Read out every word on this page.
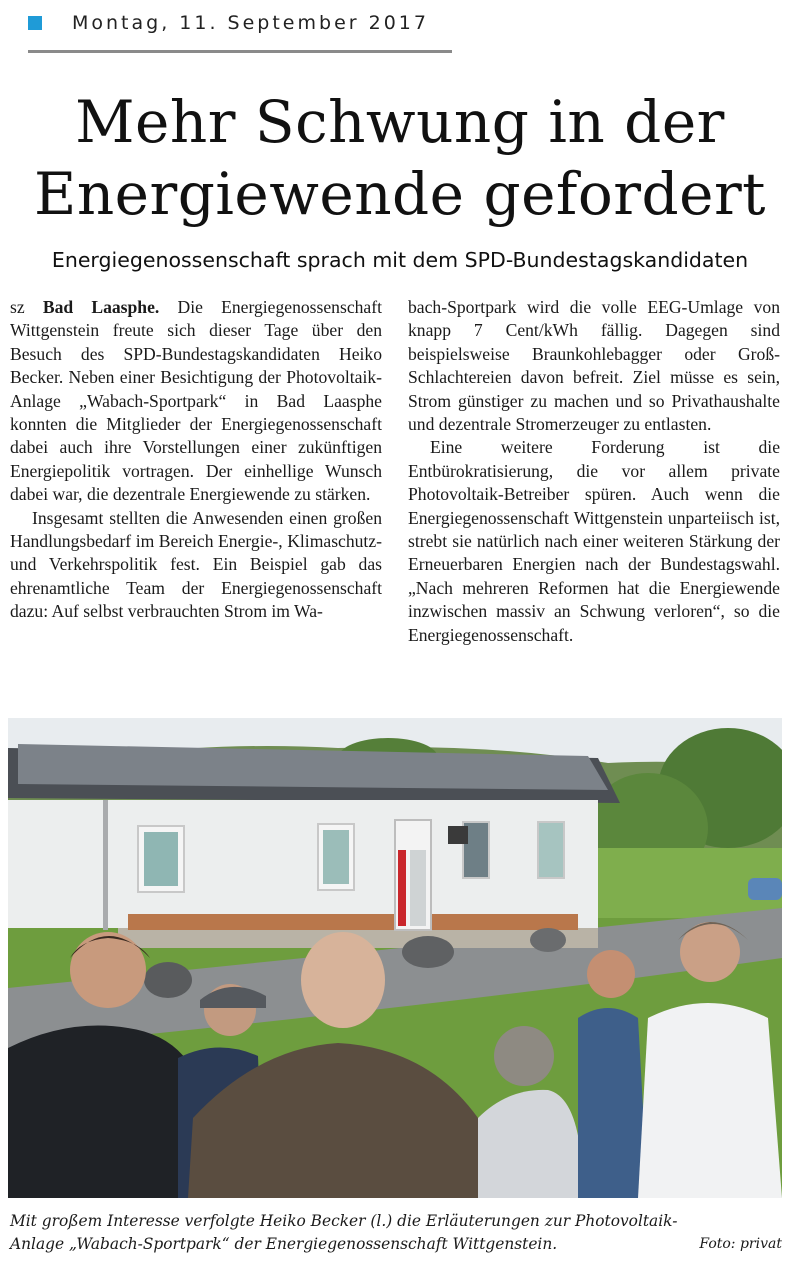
Montag, 11. September 2017
Mehr Schwung in der
Energiewende gefordert
Energiegenossenschaft sprach mit dem SPD-Bundestagskandidaten

sz Bad Laasphe. Die Energiegenossenschaft Wittgenstein freute sich dieser Tage über den Besuch des SPD-Bundestagskandidaten Heiko Becker. Neben einer Besichtigung der Photovoltaik-Anlage „Wabach-Sportpark“ in Bad Laasphe konnten die Mitglieder der Energiegenossenschaft dabei auch ihre Vorstellungen einer zukünftigen Energiepolitik vortragen. Der einhellige Wunsch dabei war, die dezentrale Energiewende zu stärken.

Insgesamt stellten die Anwesenden einen großen Handlungsbedarf im Bereich Energie-, Klimaschutz- und Verkehrspolitik fest. Ein Beispiel gab das ehrenamtliche Team der Energiegenossenschaft dazu: Auf selbst verbrauchten Strom im Wa-

bach-Sportpark wird die volle EEG-Umlage von knapp 7 Cent/kWh fällig. Dagegen sind beispielsweise Braunkohlebagger oder Groß-Schlachtereien davon befreit. Ziel müsse es sein, Strom günstiger zu machen und so Privathaushalte und dezentrale Stromerzeuger zu entlasten.

Eine weitere Forderung ist die Entbürokratisierung, die vor allem private Photovoltaik-Betreiber spüren. Auch wenn die Energiegenossenschaft Wittgenstein unparteiisch ist, strebt sie natürlich nach einer weiteren Stärkung der Erneuerbaren Energien nach der Bundestagswahl. „Nach mehreren Reformen hat die Energiewende inzwischen massiv an Schwung verloren“, so die Energiegenossenschaft.

Mit großem Interesse verfolgte Heiko Becker (l.) die Erläuterungen zur Photovoltaik-
Anlage „Wabach-Sportpark“ der Energiegenossenschaft Wittgenstein.	Foto: privat
